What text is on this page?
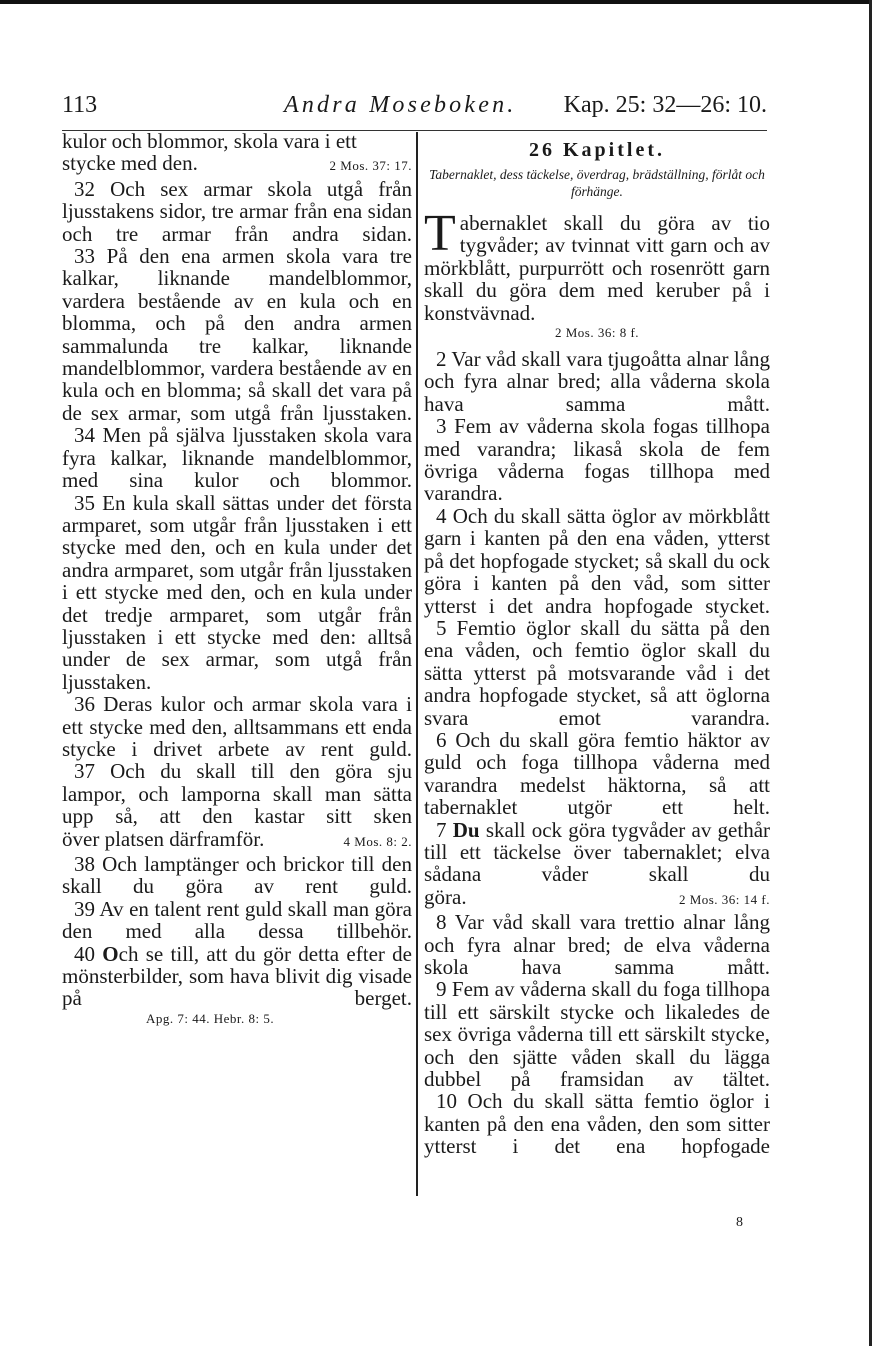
113	Andra Moseboken. Kap. 25: 32—26: 10.

kulor och blommor, skola vara i ett

stycke med den.	2 Mos. 37: 17.

32 Och sex armar skola utgå från ljusstakens sidor, tre armar från ena sidan och tre armar från andra sidan.

33 På den ena armen skola vara tre kalkar, liknande mandelblommor, vardera bestående av en kula och en blomma, och på den andra armen sammalunda tre kalkar, liknande mandelblommor, vardera bestående av en kula och en blomma; så skall det vara på de sex armar, som utgå från ljusstaken.

34 Men på själva ljusstaken skola vara fyra kalkar, liknande mandelblommor, med sina kulor och blommor.

35 En kula skall sättas under det första armparet, som utgår från ljusstaken i ett stycke med den, och en kula under det andra armparet, som utgår från ljusstaken i ett stycke med den, och en kula under det tredje armparet, som utgår från ljusstaken i ett stycke med den: alltså under de sex armar, som utgå från ljusstaken.

36 Deras kulor och armar skola vara i ett stycke med den, alltsammans ett enda stycke i drivet arbete av rent guld.

37 Och du skall till den göra sju lampor, och lamporna skall man sätta upp så, att den kastar sitt sken

över platsen därframför.	4 Mos. 8: 2.

38 Och lamptänger och brickor till den skall du göra av rent guld.

39 Av en talent rent guld skall man göra den med alla dessa tillbehör.

40 Och se till, att du gör detta efter de mönsterbilder, som hava blivit dig visade på berget.

Apg. 7: 44. Hebr. 8: 5.
26 Kapitlet.
Tabernaklet, dess täckelse, överdrag, brädställning, förlåt och förhänge.

Tabernaklet skall du göra av tio tygvåder; av tvinnat vitt garn och av mörkblått, purpurrött och rosenrött garn skall du göra dem med keruber på i konstvävnad.

2 Mos. 36: 8 f.

2 Var våd skall vara tjugoåtta alnar lång och fyra alnar bred; alla våderna skola hava samma mått.

3 Fem av våderna skola fogas tillhopa med varandra; likaså skola de fem övriga våderna fogas tillhopa med varandra.

4 Och du skall sätta öglor av mörkblått garn i kanten på den ena våden, ytterst på det hopfogade stycket; så skall du ock göra i kanten på den våd, som sitter ytterst i det andra hopfogade stycket.

5 Femtio öglor skall du sätta på den ena våden, och femtio öglor skall du sätta ytterst på motsvarande våd i det andra hopfogade stycket, så att öglorna svara emot varandra.

6 Och du skall göra femtio häktor av guld och foga tillhopa våderna med varandra medelst häktorna, så att tabernaklet utgör ett helt.

7 Du skall ock göra tygvåder av gethår till ett täckelse över tabernaklet; elva sådana våder skall du

göra.	2 Mos. 36: 14 f.

8 Var våd skall vara trettio alnar lång och fyra alnar bred; de elva våderna skola hava samma mått.

9 Fem av våderna skall du foga tillhopa till ett särskilt stycke och likaledes de sex övriga våderna till ett särskilt stycke, och den sjätte våden skall du lägga dubbel på framsidan av tältet.

10 Och du skall sätta femtio öglor i kanten på den ena våden, den som sitter ytterst i det ena hopfogade

8
